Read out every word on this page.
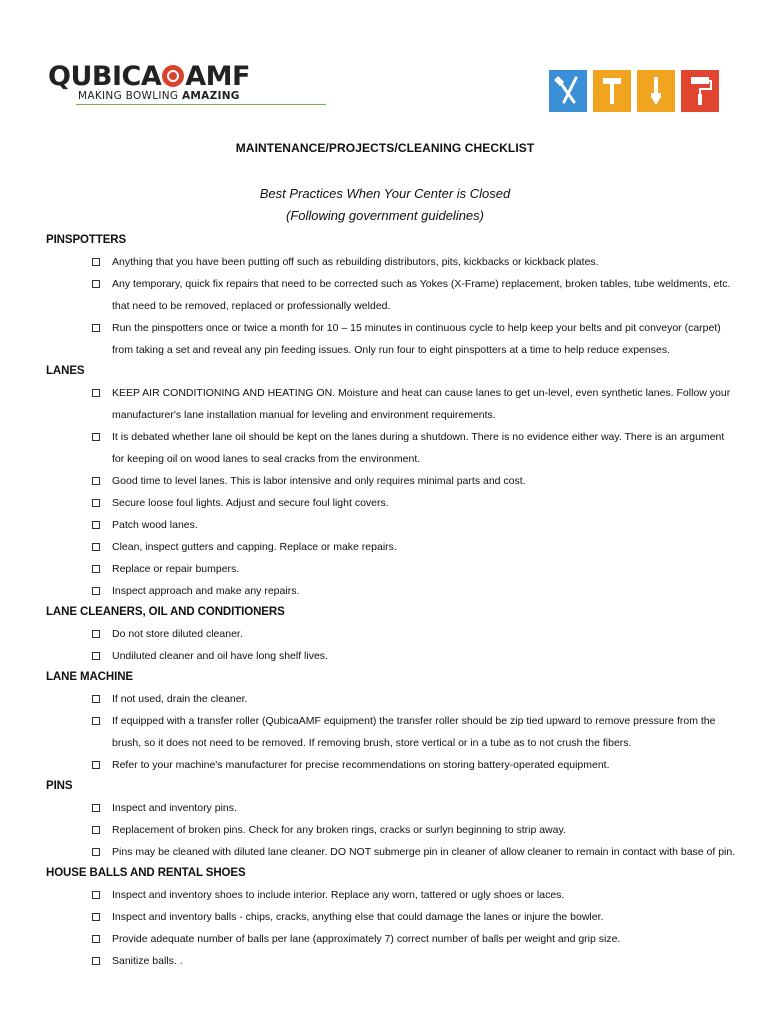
QUBICA AMF
MAKING BOWLING AMAZING
MAINTENANCE/PROJECTS/CLEANING CHECKLIST
Best Practices When Your Center is Closed
(Following government guidelines)
PINSPOTTERS
Anything that you have been putting off such as rebuilding distributors, pits, kickbacks or kickback plates.
Any temporary, quick fix repairs that need to be corrected such as Yokes (X-Frame) replacement, broken tables, tube weldments, etc. that need to be removed, replaced or professionally welded.
Run the pinspotters once or twice a month for 10 – 15 minutes in continuous cycle to help keep your belts and pit conveyor (carpet) from taking a set and reveal any pin feeding issues. Only run four to eight pinspotters at a time to help reduce expenses.
LANES
KEEP AIR CONDITIONING AND HEATING ON. Moisture and heat can cause lanes to get un-level, even synthetic lanes. Follow your manufacturer's lane installation manual for leveling and environment requirements.
It is debated whether lane oil should be kept on the lanes during a shutdown. There is no evidence either way. There is an argument for keeping oil on wood lanes to seal cracks from the environment.
Good time to level lanes. This is labor intensive and only requires minimal parts and cost.
Secure loose foul lights. Adjust and secure foul light covers.
Patch wood lanes.
Clean, inspect gutters and capping. Replace or make repairs.
Replace or repair bumpers.
Inspect approach and make any repairs.
LANE CLEANERS, OIL AND CONDITIONERS
Do not store diluted cleaner.
Undiluted cleaner and oil have long shelf lives.
LANE MACHINE
If not used, drain the cleaner.
If equipped with a transfer roller (QubicaAMF equipment) the transfer roller should be zip tied upward to remove pressure from the brush, so it does not need to be removed. If removing brush, store vertical or in a tube as to not crush the fibers.
Refer to your machine's manufacturer for precise recommendations on storing battery-operated equipment.
PINS
Inspect and inventory pins.
Replacement of broken pins. Check for any broken rings, cracks or surlyn beginning to strip away.
Pins may be cleaned with diluted lane cleaner. DO NOT submerge pin in cleaner of allow cleaner to remain in contact with base of pin.
HOUSE BALLS AND RENTAL SHOES
Inspect and inventory shoes to include interior. Replace any worn, tattered or ugly shoes or laces.
Inspect and inventory balls - chips, cracks, anything else that could damage the lanes or injure the bowler.
Provide adequate number of balls per lane (approximately 7) correct number of balls per weight and grip size.
Sanitize balls. .
